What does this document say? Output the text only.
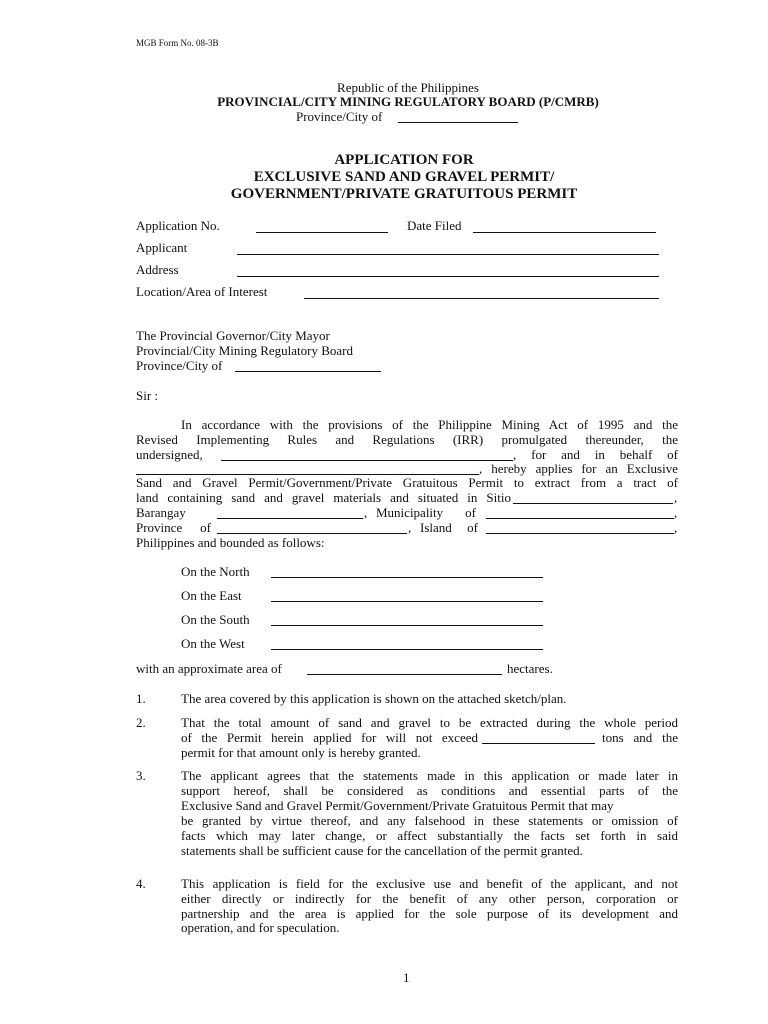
MGB Form No. 08-3B
Republic of the Philippines
PROVINCIAL/CITY MINING REGULATORY BOARD (P/CMRB)
Province/City of
APPLICATION FOR
EXCLUSIVE SAND AND GRAVEL PERMIT/
GOVERNMENT/PRIVATE GRATUITOUS PERMIT
Application No.	Date Filed
Applicant
Address
Location/Area of Interest
The Provincial Governor/City Mayor
Provincial/City Mining Regulatory Board
Province/City of
Sir :
In accordance with the provisions of the Philippine Mining Act of 1995 and the
Revised Implementing Rules and Regulations (IRR) promulgated thereunder, the
undersigned,	, for and in behalf of
, hereby applies for an Exclusive
Sand and Gravel Permit/Government/Private Gratuitous Permit to extract from a tract of
land containing sand and gravel materials and situated in Sitio	,
Barangay	, Municipality of	,
Province of	, Island of	,
Philippines and bounded as follows:
On the North
On the East
On the South
On the West
with an approximate area of	hectares.
1.	The area covered by this application is shown on the attached sketch/plan.
2.	That the total amount of sand and gravel to be extracted during the whole period
of the Permit herein applied for will not exceed	tons and the
permit for that amount only is hereby granted.
3.	The applicant agrees that the statements made in this application or made later in
support hereof, shall be considered as conditions and essential parts of the
Exclusive Sand and Gravel Permit/Government/Private Gratuitous Permit that may
be granted by virtue thereof, and any falsehood in these statements or omission of
facts which may later change, or affect substantially the facts set forth in said
statements shall be sufficient cause for the cancellation of the permit granted.
4.	This application is field for the exclusive use and benefit of the applicant, and not
either directly or indirectly for the benefit of any other person, corporation or
partnership and the area is applied for the sole purpose of its development and
operation, and for speculation.
1
